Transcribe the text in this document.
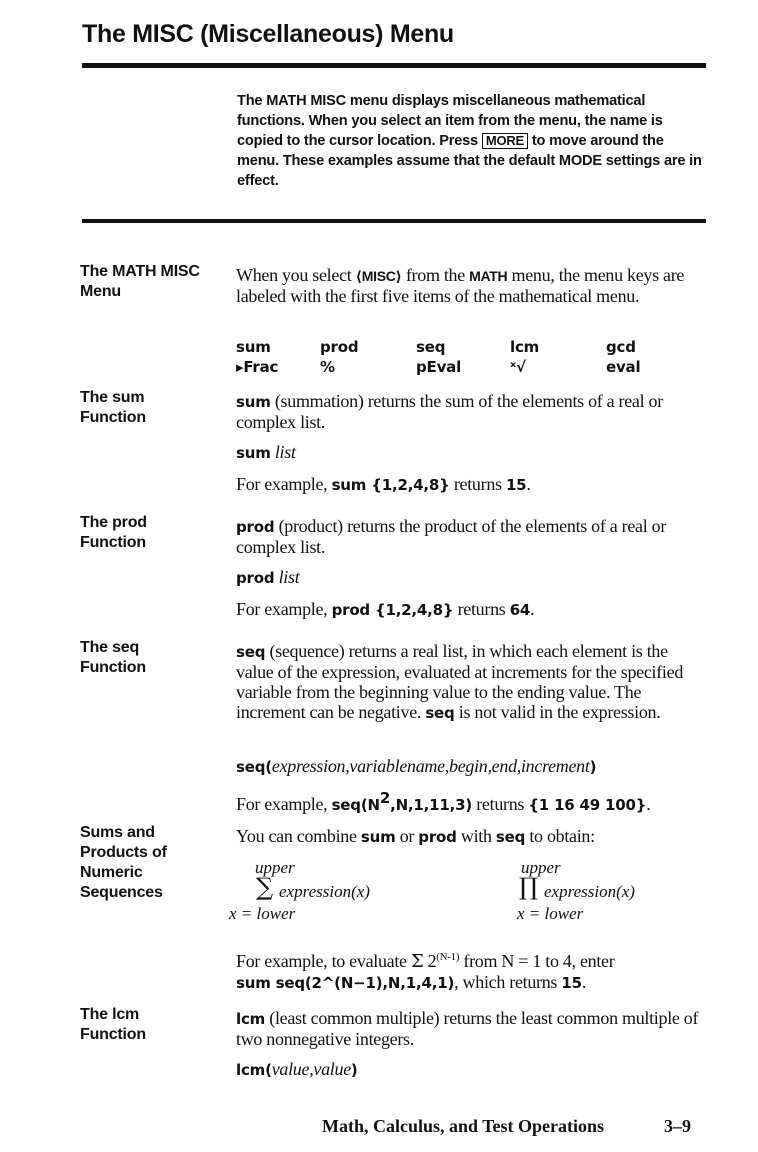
The MISC (Miscellaneous) Menu
The MATH MISC menu displays miscellaneous mathematical functions. When you select an item from the menu, the name is copied to the cursor location. Press MORE to move around the menu. These examples assume that the default MODE settings are in effect.
The MATH MISC Menu
When you select ⟨MISC⟩ from the MATH menu, the menu keys are labeled with the first five items of the mathematical menu.
sum	prod	seq	lcm	gcd
▸Frac	%	pEval	ˣ√	eval
The sum Function
sum (summation) returns the sum of the elements of a real or complex list.
sum list
For example, sum {1,2,4,8} returns 15.
The prod Function
prod (product) returns the product of the elements of a real or complex list.
prod list
For example, prod {1,2,4,8} returns 64.
The seq Function
seq (sequence) returns a real list, in which each element is the value of the expression, evaluated at increments for the specified variable from the beginning value to the ending value. The increment can be negative. seq is not valid in the expression.
seq(expression,variablename,begin,end,increment)
For example, $seq(N^2,N,1,11,3)$ returns {1 16 49 100}.
Sums and Products of Numeric Sequences
You can combine sum or prod with seq to obtain:
upper
∑ expression(x)
x = lower
upper
∏ expression(x)
x = lower
For example, to evaluate Σ $2^{(N-1)}$ from N = 1 to 4, enter
sum seq(2^(N−1),N,1,4,1), which returns 15.
The lcm Function
lcm (least common multiple) returns the least common multiple of two nonnegative integers.
lcm(value,value)
Math, Calculus, and Test Operations	3–9
